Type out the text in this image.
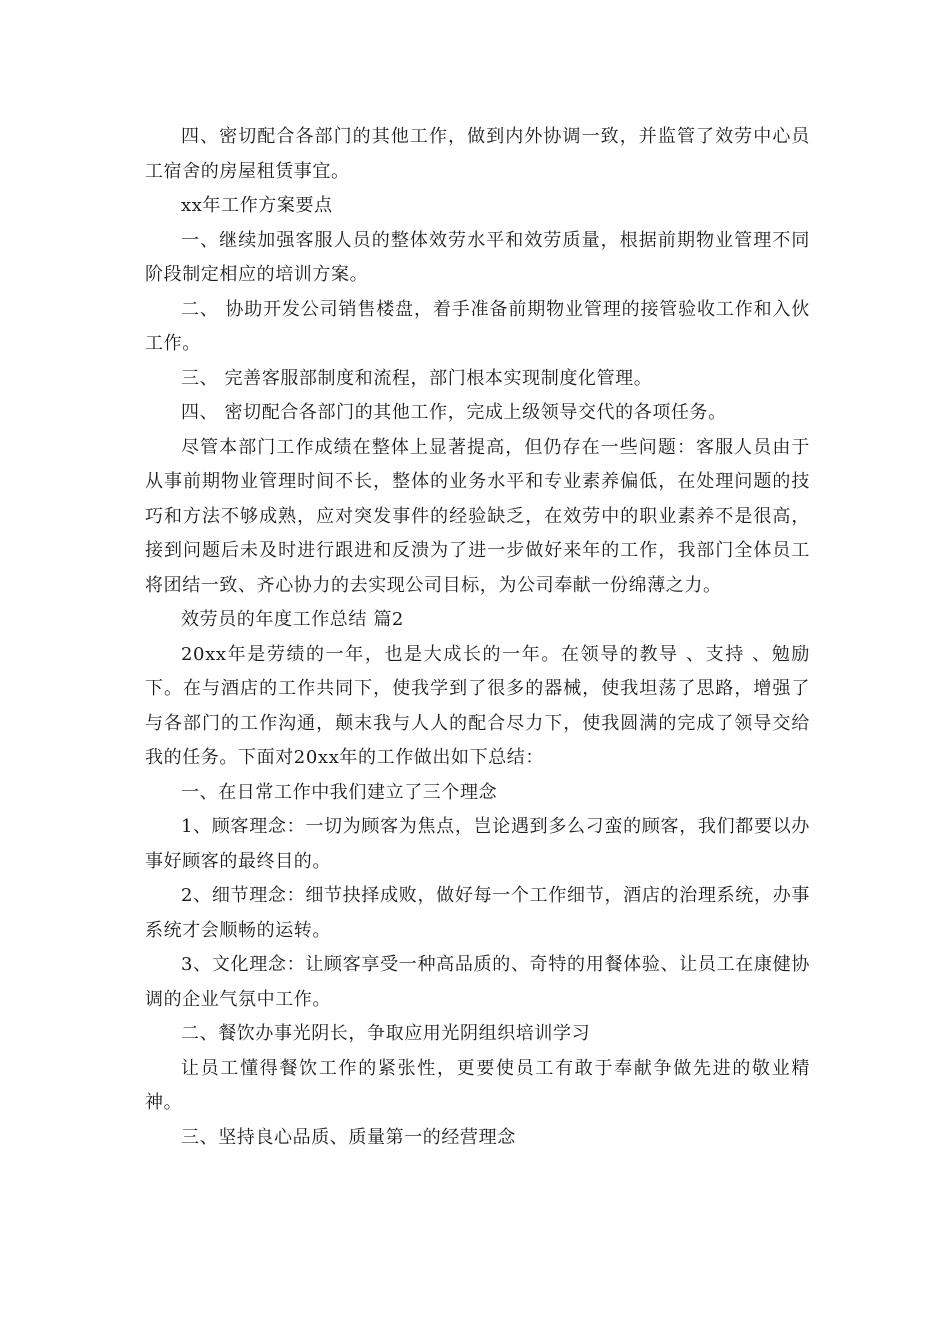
四、密切配合各部门的其他工作，做到内外协调一致，并监管了效劳中心员工宿舍的房屋租赁事宜。

xx年工作方案要点

一、继续加强客服人员的整体效劳水平和效劳质量，根据前期物业管理不同阶段制定相应的培训方案。

二、 协助开发公司销售楼盘，着手准备前期物业管理的接管验收工作和入伙工作。

三、 完善客服部制度和流程，部门根本实现制度化管理。

四、 密切配合各部门的其他工作，完成上级领导交代的各项任务。

尽管本部门工作成绩在整体上显著提高，但仍存在一些问题：客服人员由于从事前期物业管理时间不长，整体的业务水平和专业素养偏低，在处理问题的技巧和方法不够成熟，应对突发事件的经验缺乏，在效劳中的职业素养不是很高，接到问题后未及时进行跟进和反溃为了进一步做好来年的工作，我部门全体员工将团结一致、齐心协力的去实现公司目标，为公司奉献一份绵薄之力。

效劳员的年度工作总结 篇2

20xx年是劳绩的一年，也是大成长的一年。在领导的教导 、支持 、勉励下。在与酒店的工作共同下，使我学到了很多的器械，使我坦荡了思路，增强了与各部门的工作沟通，颠末我与人人的配合尽力下，使我圆满的完成了领导交给我的任务。下面对20xx年的工作做出如下总结：

一、在日常工作中我们建立了三个理念

1、顾客理念：一切为顾客为焦点，岂论遇到多么刁蛮的顾客，我们都要以办事好顾客的最终目的。

2、细节理念：细节抉择成败，做好每一个工作细节，酒店的治理系统，办事系统才会顺畅的运转。

3、文化理念：让顾客享受一种高品质的、奇特的用餐体验、让员工在康健协调的企业气氛中工作。

二、餐饮办事光阴长，争取应用光阴组织培训学习

让员工懂得餐饮工作的紧张性，更要使员工有敢于奉献争做先进的敬业精神。

三、坚持良心品质、质量第一的经营理念
